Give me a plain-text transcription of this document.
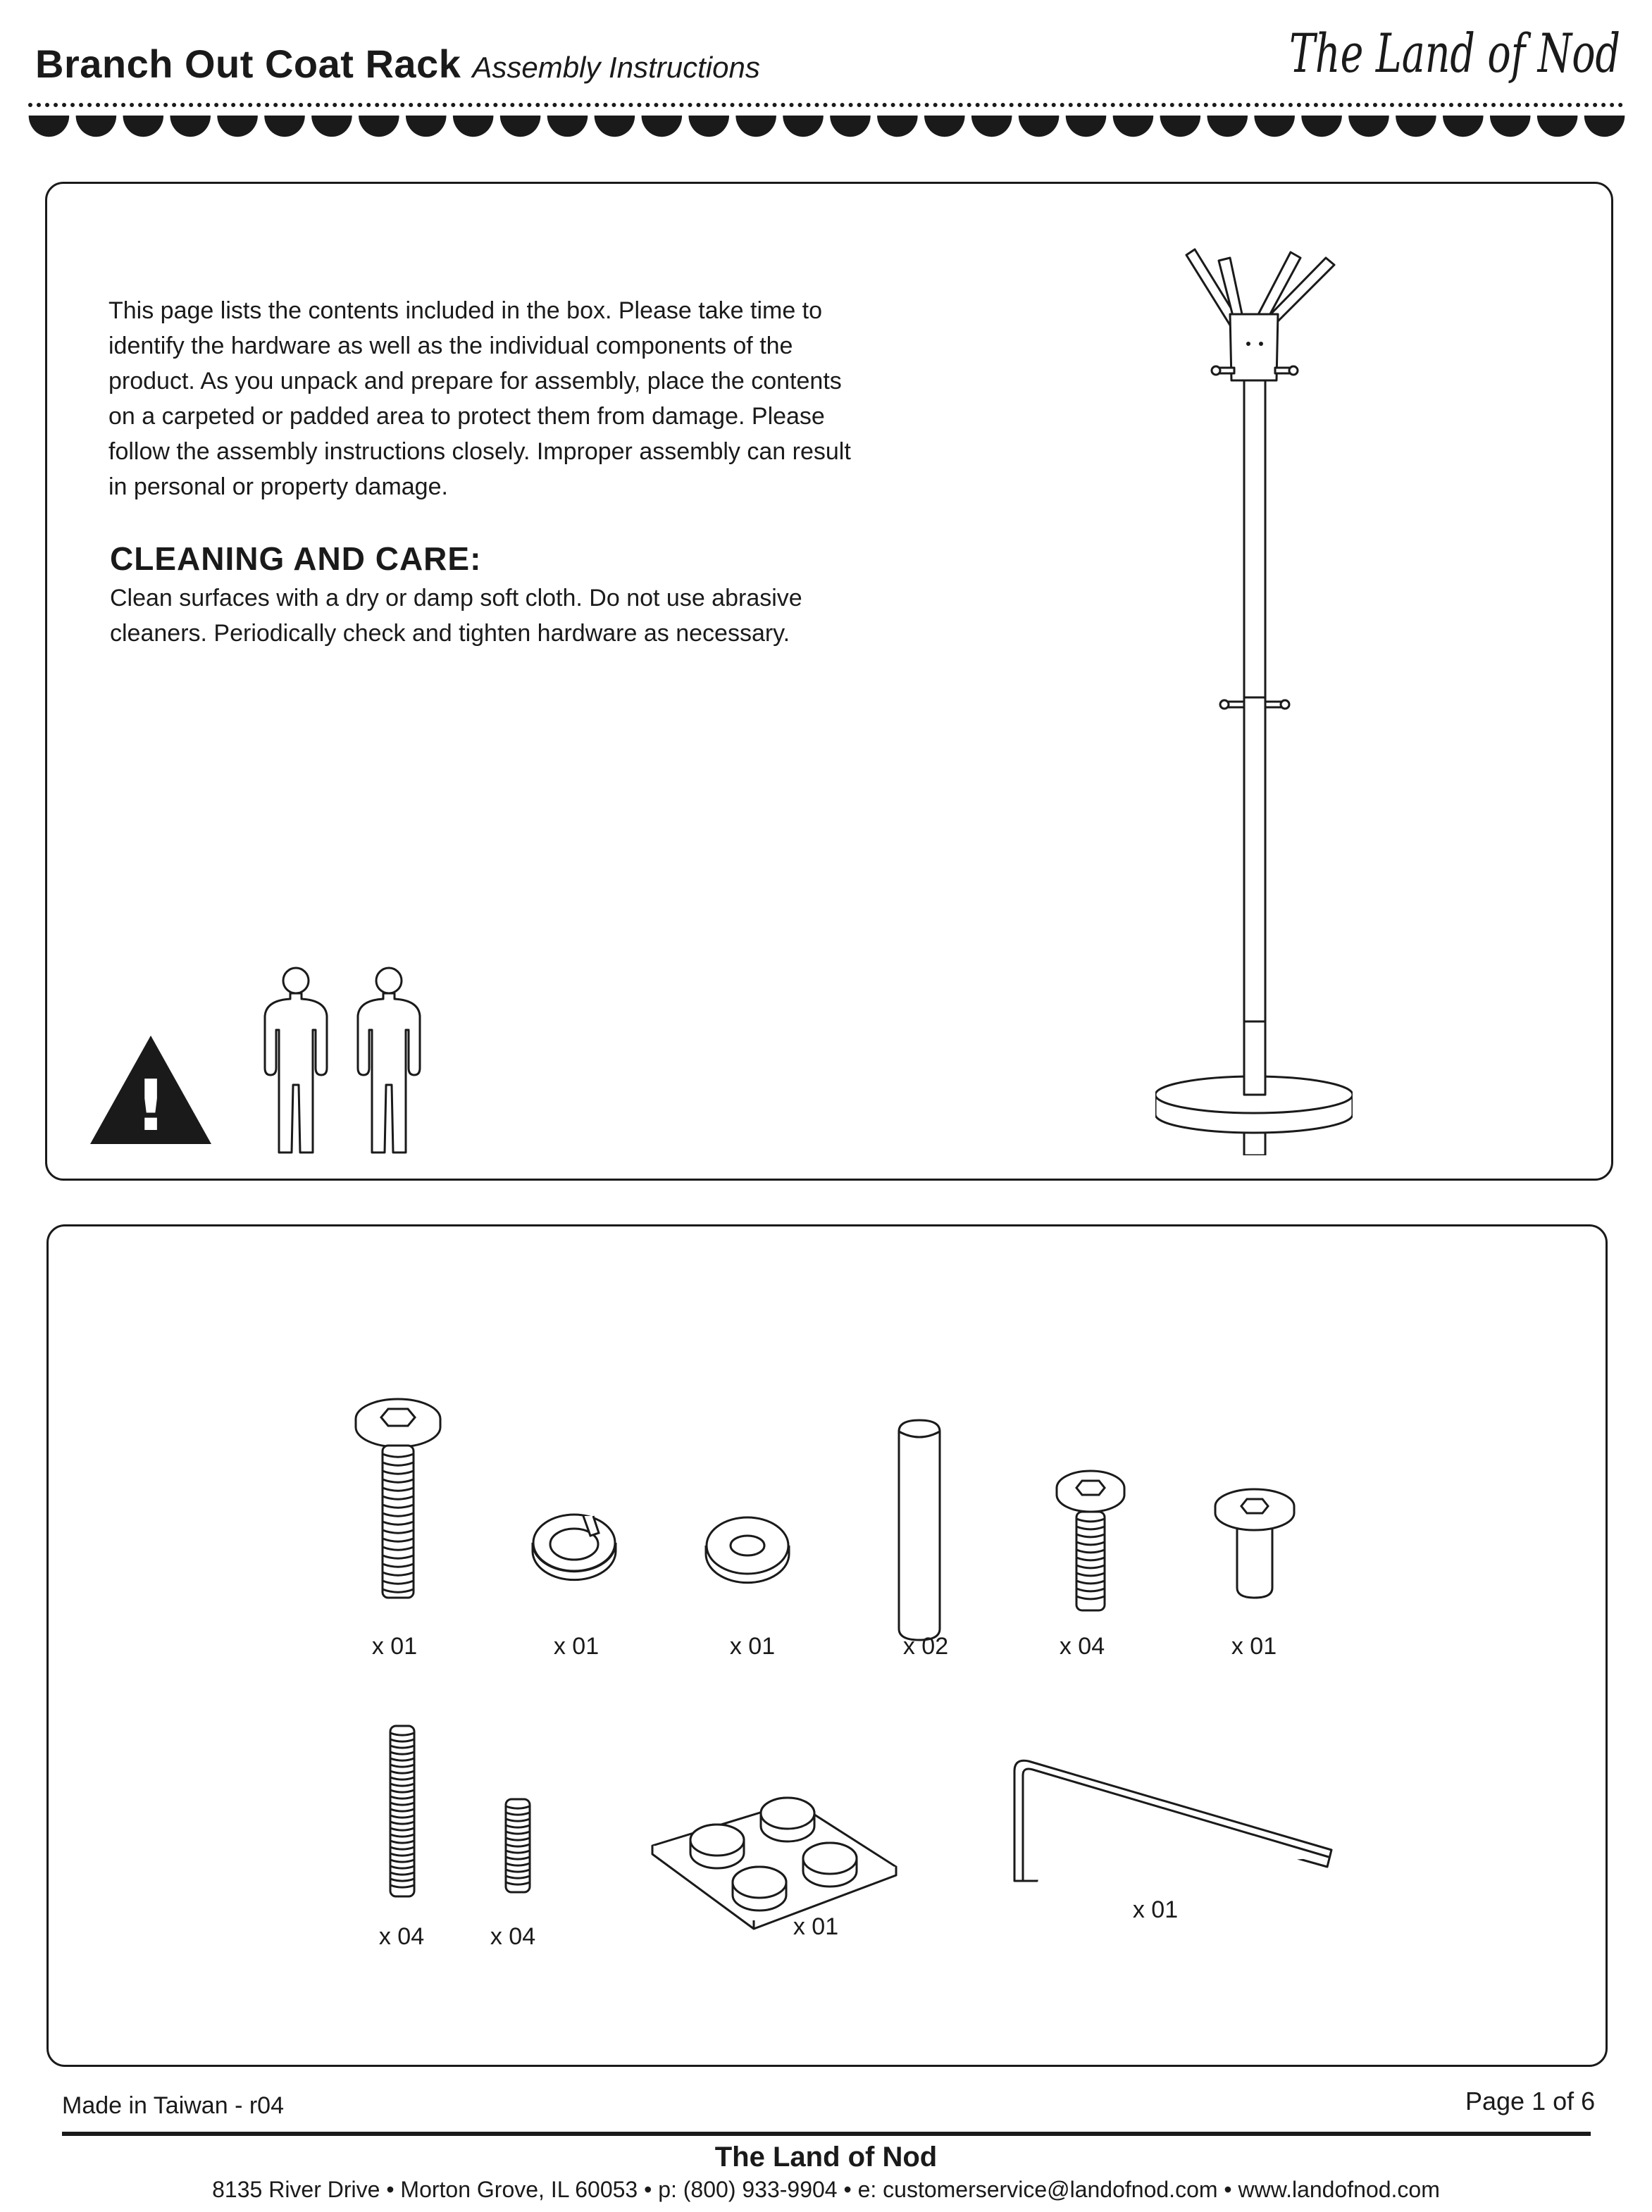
Branch Out Coat Rack Assembly Instructions	The Land of Nod
This page lists the contents included in the box. Please take time to identify the hardware as well as the individual components of the product. As you unpack and prepare for assembly, place the contents on a carpeted or padded area to protect them from damage. Please follow the assembly instructions closely. Improper assembly can result in personal or property damage.
CLEANING AND CARE:
Clean surfaces with a dry or damp soft cloth. Do not use abrasive cleaners. Periodically check and tighten hardware as necessary.
!
x 01	x 01	x 01	x 02	x 04	x 01
x 04	x 04	x 01
x 01
Made in Taiwan - r04	Page 1 of 6
The Land of Nod
8135 River Drive • Morton Grove, IL 60053 • p: (800) 933-9904 • e: customerservice@landofnod.com • www.landofnod.com
